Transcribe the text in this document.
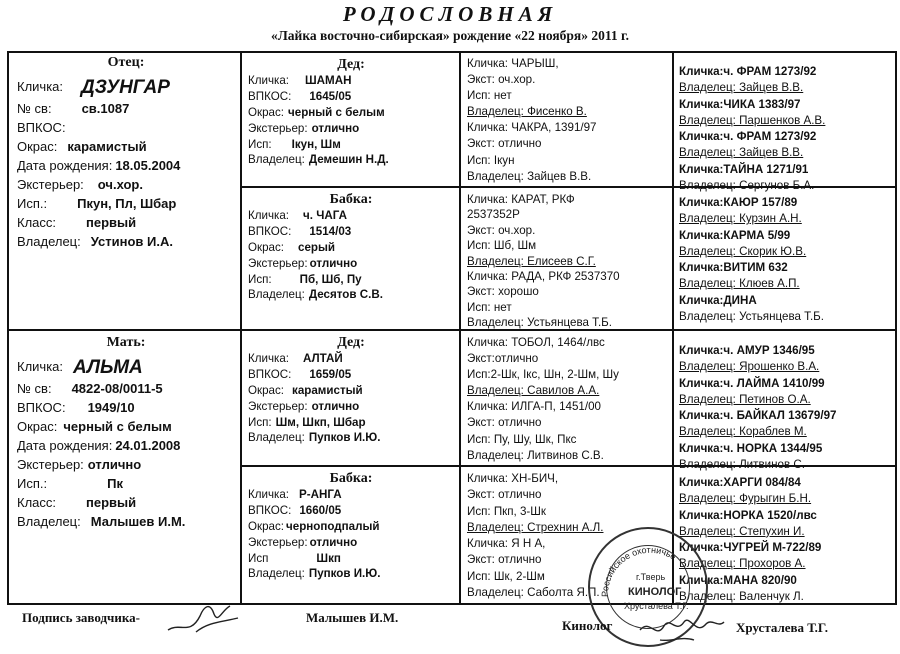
РОДОСЛОВНАЯ
«Лайка восточно-сибирская» рождение «22 ноября» 2011 г.
Отец:
Кличка: ДЗУНГАР
№ св:	св.1087
ВПКОС:
Окрас: карамистый
Дата рождения: 18.05.2004
Экстерьер:	оч.хор.
Исп.:	Пкун, Пл, Шбар
Класс:	первый
Владелец: Устинов И.А.
Мать:
Кличка: АЛЬМА
№ св:	4822-08/0011-5
ВПКОС:	1949/10
Окрас: черный с белым
Дата рождения: 24.01.2008
Экстерьер: отлично
Исп.:	Пк
Класс:	первый
Владелец: Малышев И.М.
Дед:
Кличка:	ШАМАН
ВПКОС:	1645/05
Окрас: черный с белым
Экстерьер: отлично
Исп:	Iкун, Шм
Владелец: Демешин Н.Д.
Бабка:
Кличка:	ч. ЧАГА
ВПКОС:	1514/03
Окрас:	серый
Экстерьер: отлично
Исп:	Пб, Шб, Пу
Владелец: Десятов С.В.
Дед:
Кличка:	АЛТАЙ
ВПКОС:	1659/05
Окрас: карамистый
Экстерьер: отлично
Исп: Шм, Шкп, Шбар
Владелец: Пупков И.Ю.
Бабка:
Кличка: Р-АНГА
ВПКОС: 1660/05
Окрас: черноподпалый
Экстерьер: отлично
Исп	Шкп
Владелец: Пупков И.Ю.
Кличка: ЧАРЫШ,
Экст: оч.хор.
Исп: нет
Владелец: Фисенко В.
Кличка: ЧАКРА, 1391/97
Экст: отлично
Исп: Iкун
Владелец: Зайцев В.В.
Кличка: КАРАТ, РКФ
2537352Р
Экст: оч.хор.
Исп: Шб, Шм
Владелец: Елисеев С.Г.
Кличка: РАДА, РКФ 2537370
Экст: хорошо
Исп: нет
Владелец: Устьянцева Т.Б.
Кличка: ТОБОЛ, 1464/лвс
Экст:отлично
Исп:2-Шк, Iкс, Шн, 2-Шм, Шу
Владелец: Савилов А.А.
Кличка: ИЛГА-П, 1451/00
Экст: отлично
Исп: Пу, Шу, Шк, Пкс
Владелец: Литвинов С.В.
Кличка: ХН-БИЧ,
Экст: отлично
Исп: Пкп, 3-Шк
Владелец: Стрехнин А.Л.
Кличка: Я Н А,
Экст: отлично
Исп: Шк, 2-Шм
Владелец: Саболта Я.П.
Кличка:ч. ФРАМ 1273/92
Владелец: Зайцев В.В.
Кличка:ЧИКА 1383/97
Владелец: Паршенков А.В.
Кличка:ч. ФРАМ 1273/92
Владелец: Зайцев В.В.
Кличка:ТАЙНА 1271/91
Владелец: Сергунов Б.А.
Кличка:КАЮР 157/89
Владелец: Курзин А.Н.
Кличка:КАРМА 5/99
Владелец: Скорик Ю.В.
Кличка:ВИТИМ 632
Владелец: Клюев А.П.
Кличка:ДИНА
Владелец: Устьянцева Т.Б.
Кличка:ч. АМУР 1346/95
Владелец: Ярошенко В.А.
Кличка:ч. ЛАЙМА 1410/99
Владелец: Петинов О.А.
Кличка:ч. БАЙКАЛ 13679/97
Владелец: Кораблев М.
Кличка:ч. НОРКА 1344/95
Владелец: Литвинов С.
Кличка:ХАРГИ 084/84
Владелец: Фурыгин Б.Н.
Кличка:НОРКА 1520/лвс
Владелец: Степухин И.
Кличка:ЧУГРЕЙ М-722/89
Владелец: Прохоров А.
Кличка:МАНА 820/90
Владелец: Валенчук Л.
Российское охотничье
г.Тверь
КИНОЛОГ
Хрусталева Т.Г.
Подпись заводчика-	Малышев И.М.
Кинолог	Хрусталева Т.Г.
